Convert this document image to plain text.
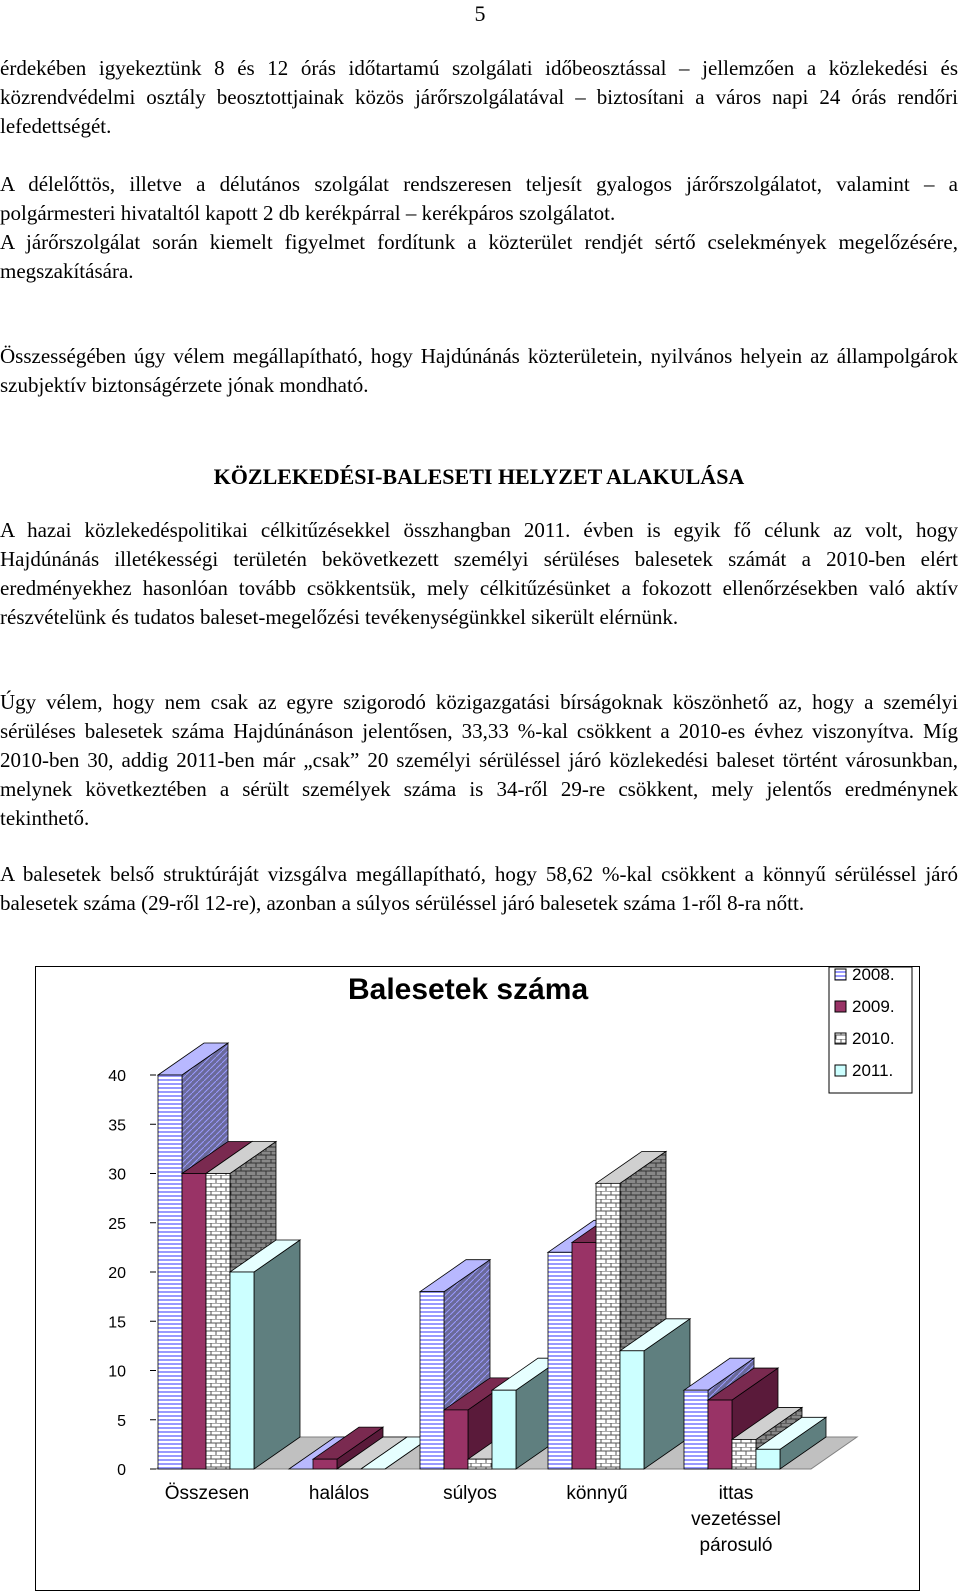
5

érdekében igyekeztünk 8 és 12 órás időtartamú szolgálati időbeosztással – jellemzően a közlekedési és közrendvédelmi osztály beosztottjainak közös járőrszolgálatával – biztosítani a város napi 24 órás rendőri lefedettségét.

A délelőttös, illetve a délutános szolgálat rendszeresen teljesít gyalogos járőrszolgálatot, valamint – a polgármesteri hivataltól kapott 2 db kerékpárral – kerékpáros szolgálatot.

A járőrszolgálat során kiemelt figyelmet fordítunk a közterület rendjét sértő cselekmények megelőzésére, megszakítására.

Összességében úgy vélem megállapítható, hogy Hajdúnánás közterületein, nyilvános helyein az állampolgárok szubjektív biztonságérzete jónak mondható.

KÖZLEKEDÉSI-BALESETI HELYZET ALAKULÁSA

A hazai közlekedéspolitikai célkitűzésekkel összhangban 2011. évben is egyik fő célunk az volt, hogy Hajdúnánás illetékességi területén bekövetkezett személyi sérüléses balesetek számát a 2010-ben elért eredményekhez hasonlóan tovább csökkentsük, mely célkitűzésünket a fokozott ellenőrzésekben való aktív részvételünk és tudatos baleset-megelőzési tevékenységünkkel sikerült elérnünk.

Úgy vélem, hogy nem csak az egyre szigorodó közigazgatási bírságoknak köszönhető az, hogy a személyi sérüléses balesetek száma Hajdúnánáson jelentősen, 33,33 %-kal csökkent a 2010-es évhez viszonyítva. Míg 2010-ben 30, addig 2011-ben már „csak” 20 személyi sérüléssel járó közlekedési baleset történt városunkban, melynek következtében a sérült személyek száma is 34-ről 29-re csökkent, mely jelentős eredménynek tekinthető.

A balesetek belső struktúráját vizsgálva megállapítható, hogy 58,62 %-kal csökkent a könnyű sérüléssel járó balesetek száma (29-ről 12-re), azonban a súlyos sérüléssel járó balesetek száma 1-ről 8-ra nőtt.

Balesetek száma
0
5
10
15
20
25
30
35
40
Összesen	halálos	súlyos	könnyű	ittas
vezetéssel
párosuló
2008.
2009.
2010.
2011.
